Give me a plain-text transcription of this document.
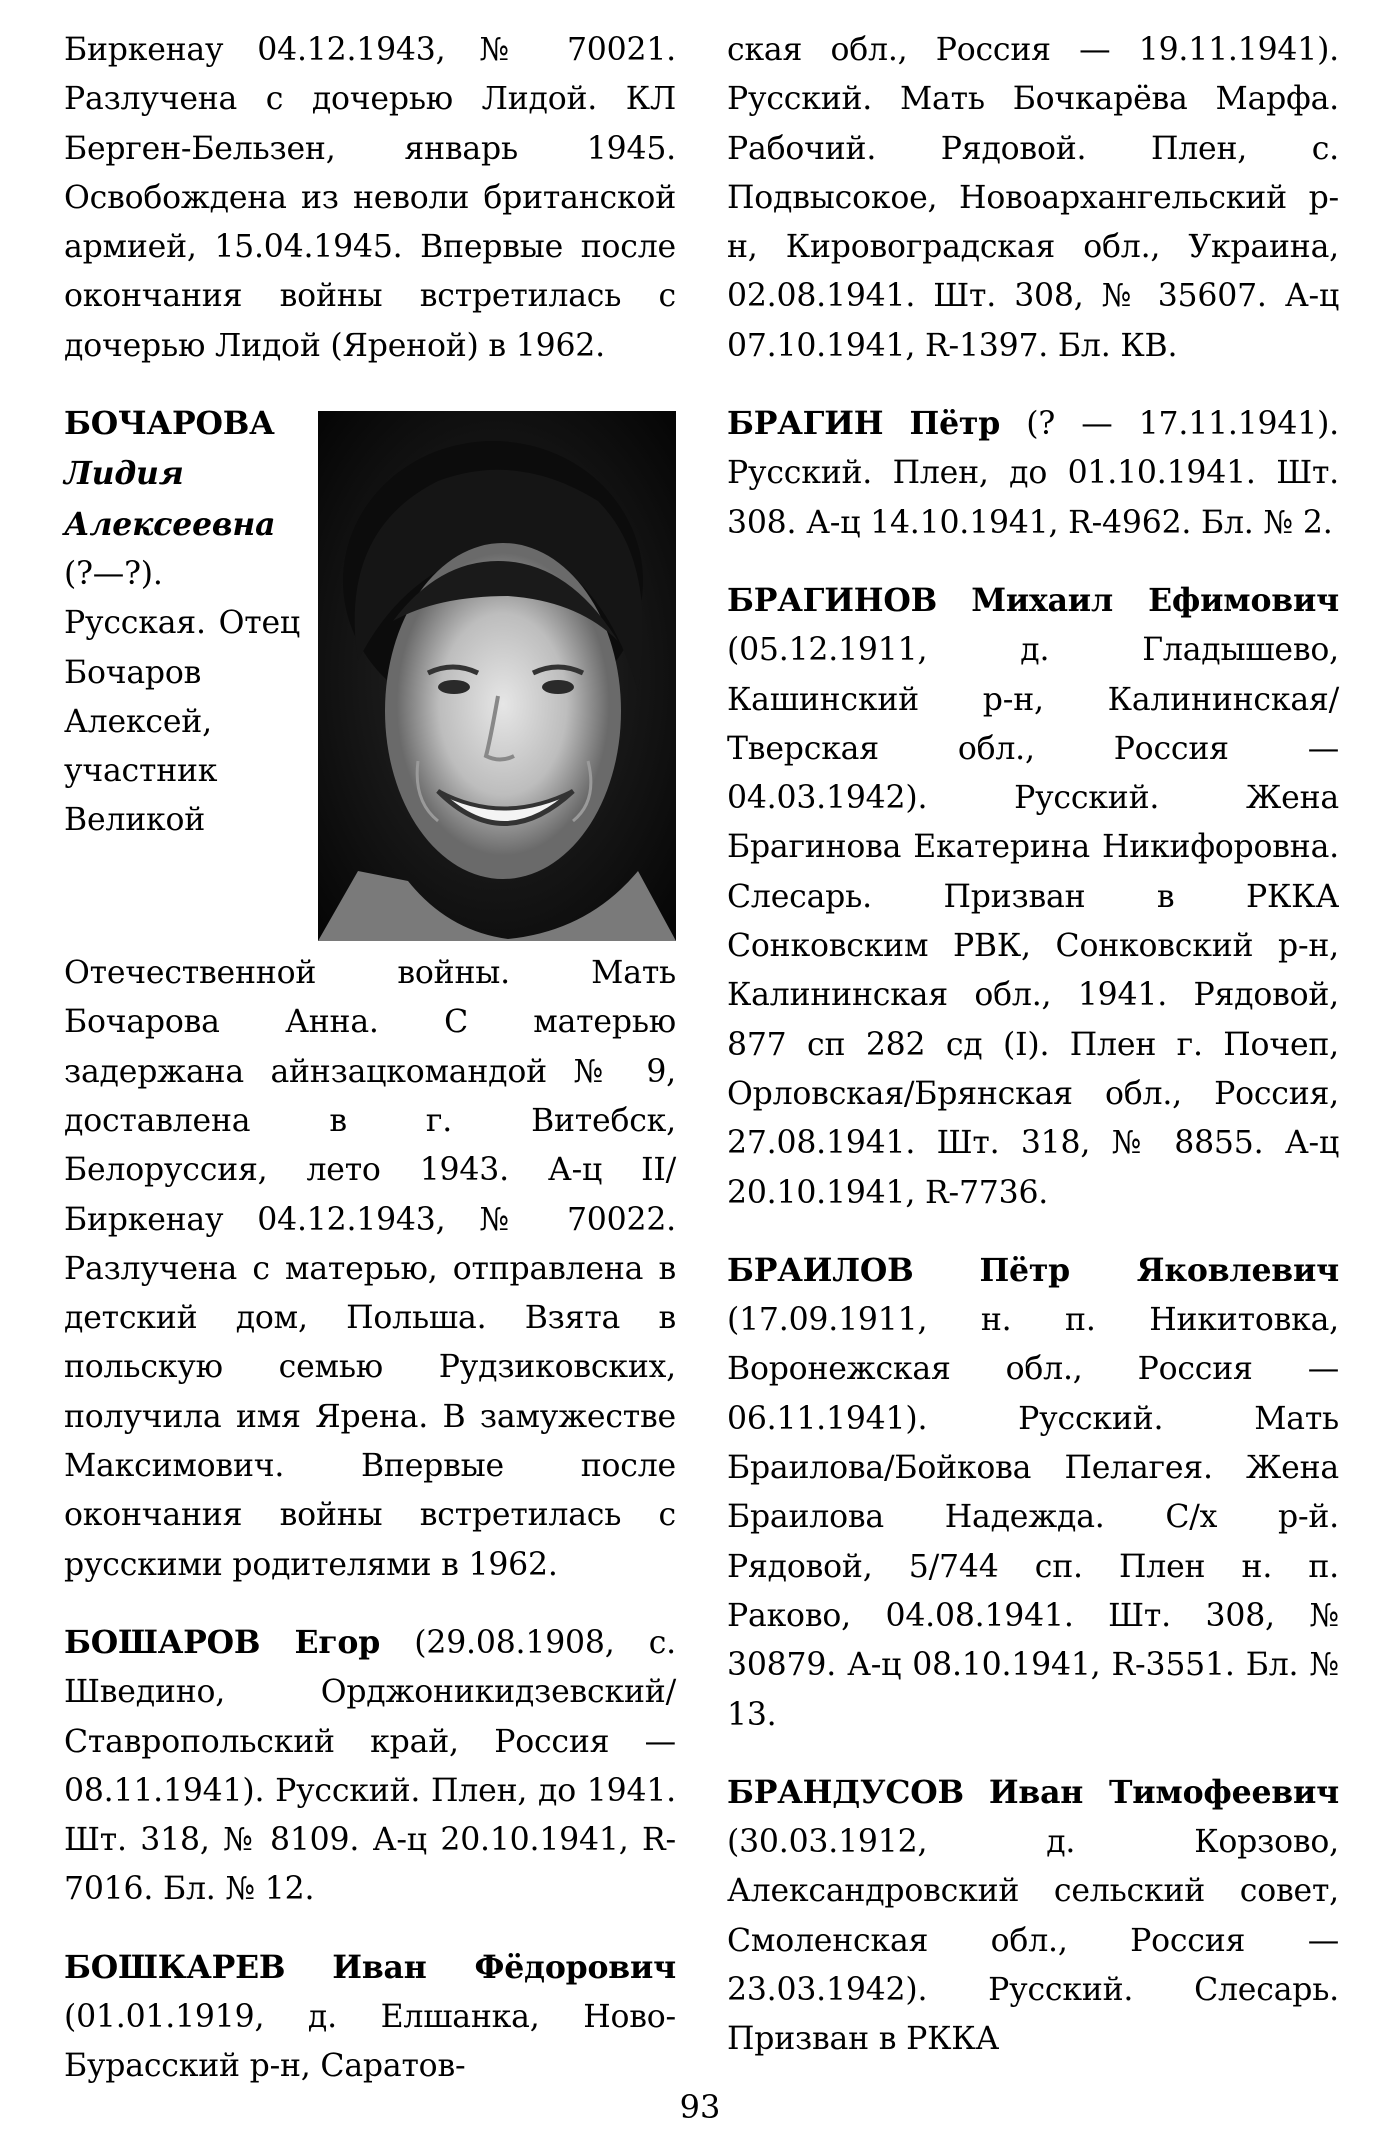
Биркенау 04.12.1943, № 70021. Разлучена с дочерью Лидой. КЛ Берген-Бельзен, январь 1945. Освобождена из неволи британской армией, 15.04.1945. Впервые после окончания войны встретилась с дочерью Лидой (Яреной) в 1962.

БОЧАРОВА Лидия Алексеевна (?—?). Русская. Отец Бочаров Алексей, участник Великой Отечественной войны. Мать Бочарова Анна. С матерью задержана айнзацкомандой № 9, доставлена в г. Витебск, Белоруссия, лето 1943. А-ц II/Биркенау 04.12.1943, № 70022. Разлучена с матерью, отправлена в детский дом, Польша. Взята в польскую семью Рудзиковских, получила имя Ярена. В замужестве Максимович. Впервые после окончания войны встретилась с русскими родителями в 1962.

БОШАРОВ Егор (29.08.1908, с. Шведино, Орджоникидзевский/Ставропольский край, Россия — 08.11.1941). Русский. Плен, до 1941. Шт. 318, № 8109. А-ц 20.10.1941, R-7016. Бл. № 12.

БОШКАРЕВ Иван Фёдорович (01.01.1919, д. Елшанка, Ново-Бурасский р-н, Саратов-

ская обл., Россия — 19.11.1941). Русский. Мать Бочкарёва Марфа. Рабочий. Рядовой. Плен, с. Подвысокое, Новоархангельский р-н, Кировоградская обл., Украина, 02.08.1941. Шт. 308, № 35607. А-ц 07.10.1941, R-1397. Бл. КВ.

БРАГИН Пётр (? — 17.11.1941). Русский. Плен, до 01.10.1941. Шт. 308. А-ц 14.10.1941, R-4962. Бл. № 2.

БРАГИНОВ Михаил Ефимович (05.12.1911, д. Гладышево, Кашинский р-н, Калининская/Тверская обл., Россия — 04.03.1942). Русский. Жена Брагинова Екатерина Никифоровна. Слесарь. Призван в РККА Сонковским РВК, Сонковский р-н, Калининская обл., 1941. Рядовой, 877 сп 282 сд (I). Плен г. Почеп, Орловская/Брянская обл., Россия, 27.08.1941. Шт. 318, № 8855. А-ц 20.10.1941, R-7736.

БРАИЛОВ Пётр Яковлевич (17.09.1911, н. п. Никитовка, Воронежская обл., Россия — 06.11.1941). Русский. Мать Браилова/Бойкова Пелагея. Жена Браилова Надежда. С/х р-й. Рядовой, 5/744 сп. Плен н. п. Раково, 04.08.1941. Шт. 308, № 30879. А-ц 08.10.1941, R-3551. Бл. № 13.

БРАНДУСОВ Иван Тимофеевич (30.03.1912, д. Корзово, Александровский сельский совет, Смоленская обл., Россия — 23.03.1942). Русский. Слесарь. Призван в РККА

93
